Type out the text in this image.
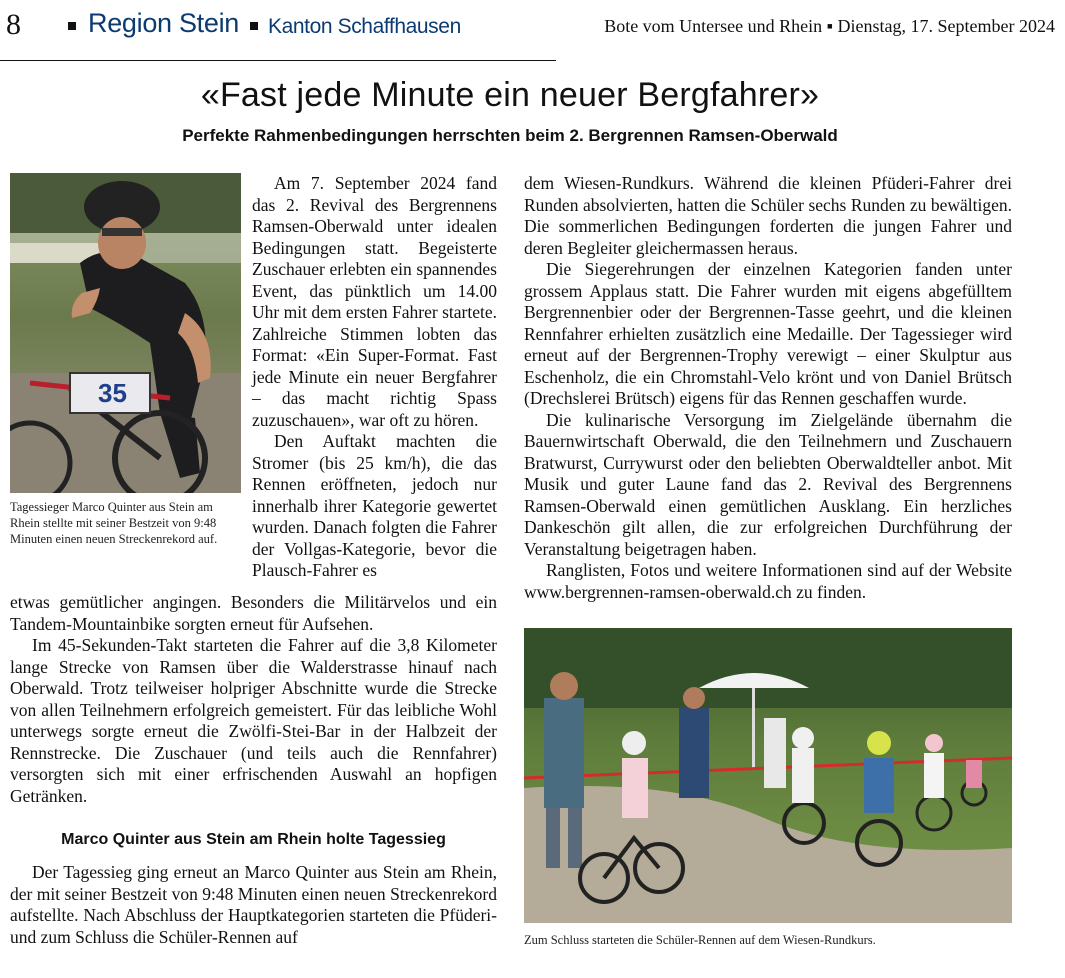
8 Region Stein Kanton Schaffhausen	Bote vom Untersee und Rhein ▪ Dienstag, 17. September 2024
«Fast jede Minute ein neuer Bergfahrer»
Perfekte Rahmenbedingungen herrschten beim 2. Bergrennen Ramsen-Oberwald
35
Tagessieger Marco Quinter aus Stein am Rhein stellte mit seiner Bestzeit von 9:48 Minuten einen neuen Streckenrekord auf.

Am 7. September 2024 fand das 2. Revival des Bergrennens Ramsen-Oberwald unter idealen Bedingungen statt. Begeisterte Zuschauer erlebten ein spannendes Event, das pünktlich um 14.00 Uhr mit dem ersten Fahrer startete. Zahlreiche Stimmen lobten das Format: «Ein Super-Format. Fast jede Minute ein neuer Bergfahrer – das macht richtig Spass zuzuschauen», war oft zu hören.

Den Auftakt machten die Stromer (bis 25 km/h), die das Rennen eröffneten, jedoch nur innerhalb ihrer Kategorie gewertet wurden. Danach folgten die Fahrer der Vollgas-Kategorie, bevor die Plausch-Fahrer es

etwas gemütlicher angingen. Besonders die Militärvelos und ein Tandem-Mountainbike sorgten erneut für Aufsehen.

Im 45-Sekunden-Takt starteten die Fahrer auf die 3,8 Kilometer lange Strecke von Ramsen über die Walderstrasse hinauf nach Oberwald. Trotz teilweiser holpriger Abschnitte wurde die Strecke von allen Teilnehmern erfolgreich gemeistert. Für das leibliche Wohl unterwegs sorgte erneut die Zwölfi-Stei-Bar in der Halbzeit der Rennstrecke. Die Zuschauer (und teils auch die Rennfahrer) versorgten sich mit einer erfrischenden Auswahl an hopfigen Getränken.

Marco Quinter aus Stein am Rhein holte Tagessieg

Der Tagessieg ging erneut an Marco Quinter aus Stein am Rhein, der mit seiner Bestzeit von 9:48 Minuten einen neuen Streckenrekord aufstellte. Nach Abschluss der Hauptkategorien starteten die Pfüderi- und zum Schluss die Schüler-Rennen auf

dem Wiesen-Rundkurs. Während die kleinen Pfüderi-Fahrer drei Runden absolvierten, hatten die Schüler sechs Runden zu bewältigen. Die sommerlichen Bedingungen forderten die jungen Fahrer und deren Begleiter gleichermassen heraus.

Die Siegerehrungen der einzelnen Kategorien fanden unter grossem Applaus statt. Die Fahrer wurden mit eigens abgefülltem Bergrennenbier oder der Bergrennen-Tasse geehrt, und die kleinen Rennfahrer erhielten zusätzlich eine Medaille. Der Tagessieger wird erneut auf der Bergrennen-Trophy verewigt – einer Skulptur aus Eschenholz, die ein Chromstahl-Velo krönt und von Daniel Brütsch (Drechslerei Brütsch) eigens für das Rennen geschaffen wurde.

Die kulinarische Versorgung im Zielgelände übernahm die Bauernwirtschaft Oberwald, die den Teilnehmern und Zuschauern Bratwurst, Currywurst oder den beliebten Oberwaldteller anbot. Mit Musik und guter Laune fand das 2. Revival des Bergrennens Ramsen-Oberwald einen gemütlichen Ausklang. Ein herzliches Dankeschön gilt allen, die zur erfolgreichen Durchführung der Veranstaltung beigetragen haben.

Ranglisten, Fotos und weitere Informationen sind auf der Website www.bergrennen-ramsen-oberwald.ch zu finden.

Zum Schluss starteten die Schüler-Rennen auf dem Wiesen-Rundkurs.
